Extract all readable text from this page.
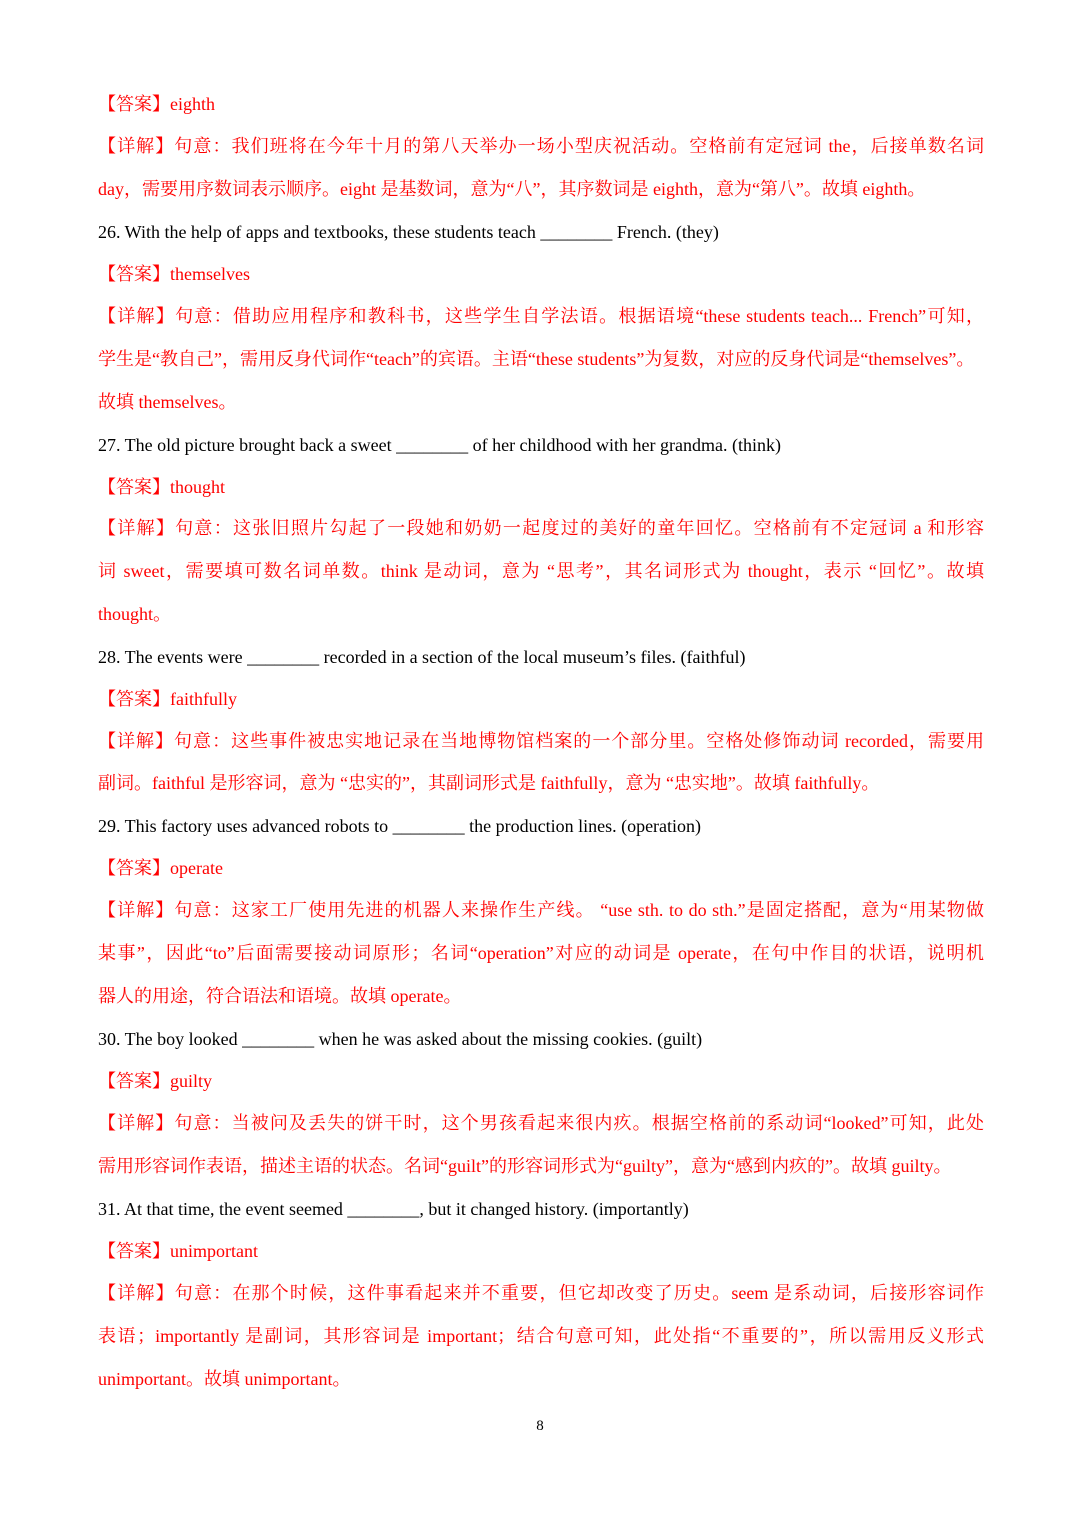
【答案】eighth
【详解】句意：我们班将在今年十月的第八天举办一场小型庆祝活动。空格前有定冠词 the，后接单数名词
day，需要用序数词表示顺序。eight 是基数词，意为“八”，其序数词是 eighth，意为“第八”。故填 eighth。
26. With the help of apps and textbooks, these students teach ________ French. (they)
【答案】themselves
【详解】句意：借助应用程序和教科书，这些学生自学法语。根据语境“these students teach... French”可知，
学生是“教自己”，需用反身代词作“teach”的宾语。主语“these students”为复数，对应的反身代词是“themselves”。
故填 themselves。
27. The old picture brought back a sweet ________ of her childhood with her grandma. (think)
【答案】thought
【详解】句意：这张旧照片勾起了一段她和奶奶一起度过的美好的童年回忆。空格前有不定冠词 a 和形容
词 sweet，需要填可数名词单数。think 是动词，意为 “思考”，其名词形式为 thought，表示 “回忆”。故填
thought。
28. The events were ________ recorded in a section of the local museum’s files. (faithful)
【答案】faithfully
【详解】句意：这些事件被忠实地记录在当地博物馆档案的一个部分里。空格处修饰动词 recorded，需要用
副词。faithful 是形容词，意为 “忠实的”，其副词形式是 faithfully，意为 “忠实地”。故填 faithfully。
29. This factory uses advanced robots to ________ the production lines. (operation)
【答案】operate
【详解】句意：这家工厂使用先进的机器人来操作生产线。 “use sth. to do sth.”是固定搭配，意为“用某物做
某事”，因此“to”后面需要接动词原形；名词“operation”对应的动词是 operate，在句中作目的状语，说明机
器人的用途，符合语法和语境。故填 operate。
30. The boy looked ________ when he was asked about the missing cookies. (guilt)
【答案】guilty
【详解】句意：当被问及丢失的饼干时，这个男孩看起来很内疚。根据空格前的系动词“looked”可知，此处
需用形容词作表语，描述主语的状态。名词“guilt”的形容词形式为“guilty”，意为“感到内疚的”。故填 guilty。
31. At that time, the event seemed ________, but it changed history. (importantly)
【答案】unimportant
【详解】句意：在那个时候，这件事看起来并不重要，但它却改变了历史。seem 是系动词，后接形容词作
表语；importantly 是副词，其形容词是 important；结合句意可知，此处指“不重要的”，所以需用反义形式
unimportant。故填 unimportant。
8
